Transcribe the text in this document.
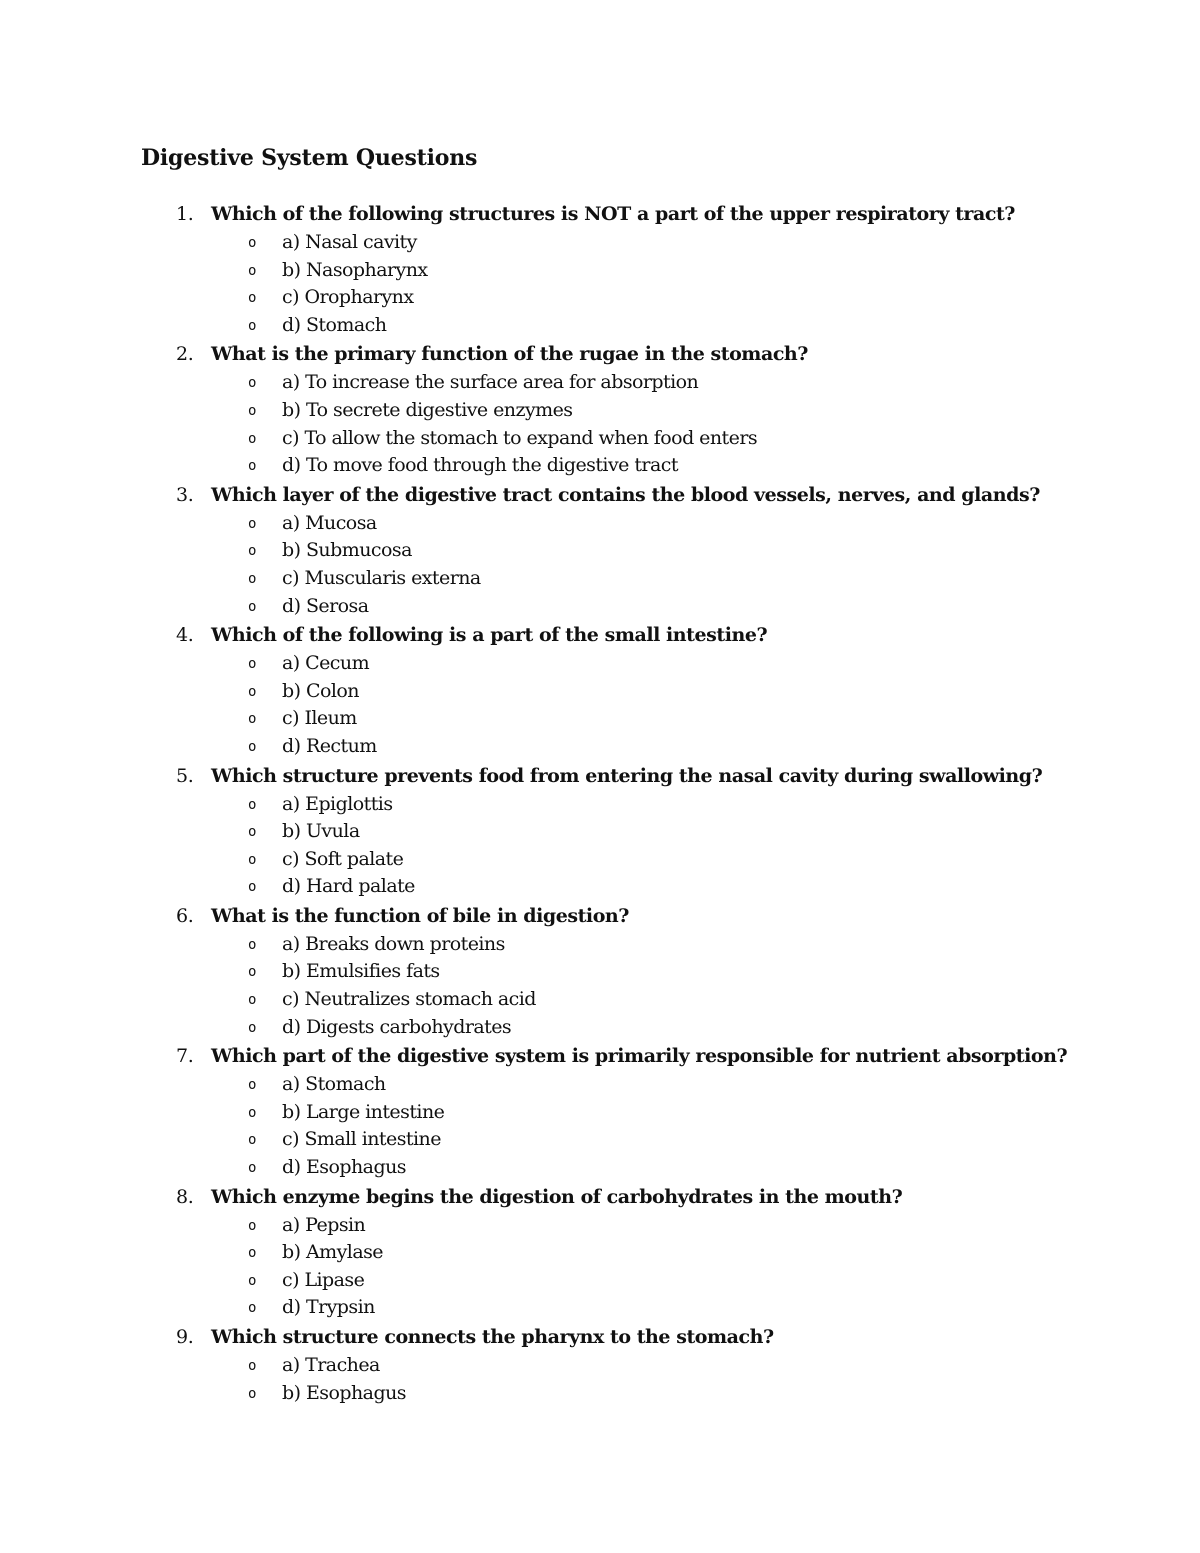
Digestive System Questions
1. Which of the following structures is NOT a part of the upper respiratory tract?
o a) Nasal cavity
o b) Nasopharynx
o c) Oropharynx
o d) Stomach
2. What is the primary function of the rugae in the stomach?
o a) To increase the surface area for absorption
o b) To secrete digestive enzymes
o c) To allow the stomach to expand when food enters
o d) To move food through the digestive tract
3. Which layer of the digestive tract contains the blood vessels, nerves, and glands?
o a) Mucosa
o b) Submucosa
o c) Muscularis externa
o d) Serosa
4. Which of the following is a part of the small intestine?
o a) Cecum
o b) Colon
o c) Ileum
o d) Rectum
5. Which structure prevents food from entering the nasal cavity during swallowing?
o a) Epiglottis
o b) Uvula
o c) Soft palate
o d) Hard palate
6. What is the function of bile in digestion?
o a) Breaks down proteins
o b) Emulsifies fats
o c) Neutralizes stomach acid
o d) Digests carbohydrates
7. Which part of the digestive system is primarily responsible for nutrient absorption?
o a) Stomach
o b) Large intestine
o c) Small intestine
o d) Esophagus
8. Which enzyme begins the digestion of carbohydrates in the mouth?
o a) Pepsin
o b) Amylase
o c) Lipase
o d) Trypsin
9. Which structure connects the pharynx to the stomach?
o a) Trachea
o b) Esophagus
